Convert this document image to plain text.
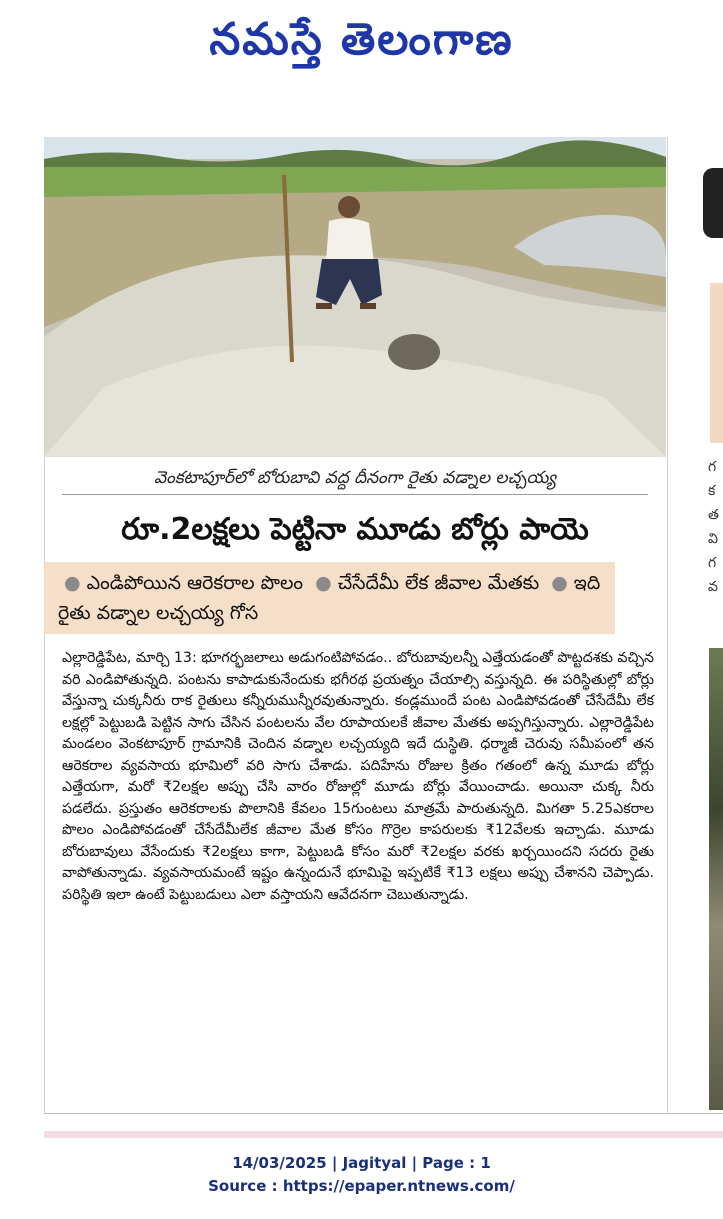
నమస్తే తెలంగాణ
వెంకటాపూర్‌లో బోరుబావి వద్ద దీనంగా రైతు వడ్నాల లచ్చయ్య
రూ.2లక్షలు పెట్టినా మూడు బోర్లు పాయె
● ఎండిపోయిన ఆరెకరాల పొలం ● చేసేదేమీ లేక జీవాల మేతకు ● ఇది రైతు వడ్నాల లచ్చయ్య గోస
ఎల్లారెడ్డిపేట, మార్చి 13: భూగర్భజలాలు అడుగంటిపోవడం.. బోరుబావులన్నీ ఎత్తేయడంతో పొట్టదశకు వచ్చిన వరి ఎండిపోతున్నది. పంటను కాపాడుకునేందుకు భగీరథ ప్రయత్నం చేయాల్సి వస్తున్నది. ఈ పరిస్థితుల్లో బోర్లు వేస్తున్నా చుక్కనీరు రాక రైతులు కన్నీరుమున్నీరవుతున్నారు. కండ్లముందే పంట ఎండిపోవడంతో చేసేదేమీ లేక లక్షల్లో పెట్టుబడి పెట్టిన సాగు చేసిన పంటలను వేల రూపాయలకే జీవాల మేతకు అప్పగిస్తున్నారు. ఎల్లారెడ్డిపేట మండలం వెంకటాపూర్ గ్రామానికి చెందిన వడ్నాల లచ్చయ్యది ఇదే దుస్థితి. ధర్మాజీ చెరువు సమీపంలో తన ఆరెకరాల వ్యవసాయ భూమిలో వరి సాగు చేశాడు. పదిహేను రోజుల క్రితం గతంలో ఉన్న మూడు బోర్లు ఎత్తేయగా, మరో ₹2లక్షల అప్పు చేసి వారం రోజుల్లో మూడు బోర్లు వేయించాడు. అయినా చుక్క నీరు పడలేదు. ప్రస్తుతం ఆరెకరాలకు పొలానికి కేవలం 15గుంటలు మాత్రమే పారుతున్నది. మిగతా 5.25ఎకరాల పొలం ఎండిపోవడంతో చేసేదేమీలేక జీవాల మేత కోసం గొర్రెల కాపరులకు ₹12వేలకు ఇచ్చాడు. మూడు బోరుబావులు వేసేందుకు ₹2లక్షలు కాగా, పెట్టుబడి కోసం మరో ₹2లక్షల వరకు ఖర్చయిందని సదరు రైతు వాపోతున్నాడు. వ్యవసాయమంటే ఇష్టం ఉన్నందునే భూమిపై ఇప్పటికే ₹13 లక్షలు అప్పు చేశానని చెప్పాడు. పరిస్థితి ఇలా ఉంటే పెట్టుబడులు ఎలా వస్తాయని ఆవేదనగా చెబుతున్నాడు.
గ
క
త
వి
గ
వ
14/03/2025 | Jagityal | Page : 1
Source : https://epaper.ntnews.com/
